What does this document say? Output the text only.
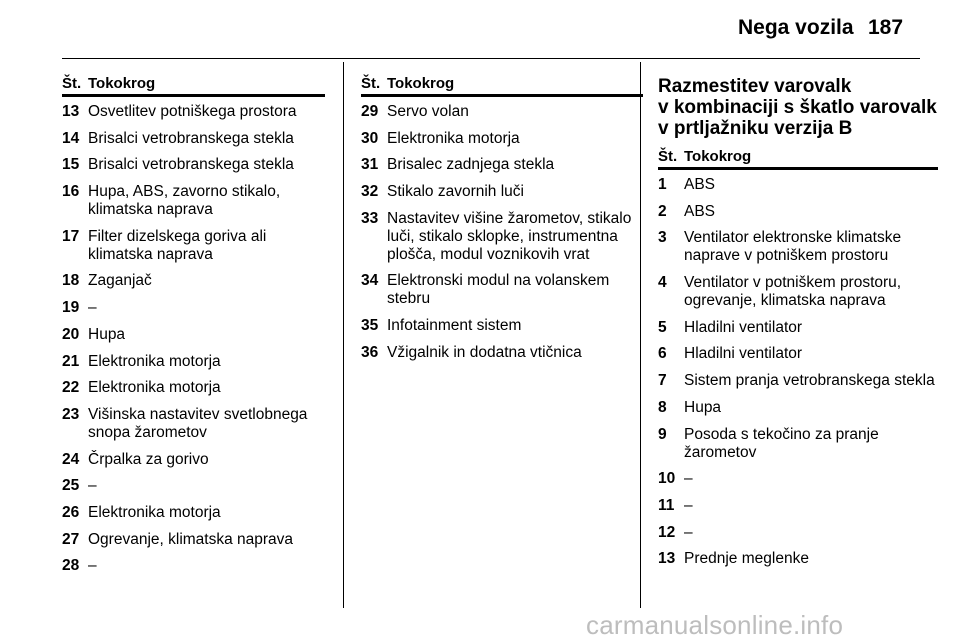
Nega vozila 187
Št. Tokokrog
13 Osvetlitev potniškega prostora
14 Brisalci vetrobranskega stekla
15 Brisalci vetrobranskega stekla
16 Hupa, ABS, zavorno stikalo, klimatska naprava
17 Filter dizelskega goriva ali klimatska naprava
18 Zaganjač
19 –
20 Hupa
21 Elektronika motorja
22 Elektronika motorja
23 Višinska nastavitev svetlobnega snopa žarometov
24 Črpalka za gorivo
25 –
26 Elektronika motorja
27 Ogrevanje, klimatska naprava
28 –
Št. Tokokrog
29 Servo volan
30 Elektronika motorja
31 Brisalec zadnjega stekla
32 Stikalo zavornih luči
33 Nastavitev višine žarometov, stikalo luči, stikalo sklopke, instrumentna plošča, modul voznikovih vrat
34 Elektronski modul na volanskem stebru
35 Infotainment sistem
36 Vžigalnik in dodatna vtičnica
Razmestitev varovalk
v kombinaciji s škatlo varovalk
v prtljažniku verzija B
Št. Tokokrog
1	ABS
2	ABS
3	Ventilator elektronske klimatske naprave v potniškem prostoru
4	Ventilator v potniškem prostoru, ogrevanje, klimatska naprava
5	Hladilni ventilator
6	Hladilni ventilator
7	Sistem pranja vetrobranskega stekla
8	Hupa
9	Posoda s tekočino za pranje žarometov
10 –
11 –
12 –
13 Prednje meglenke
carmanualsonline.info
